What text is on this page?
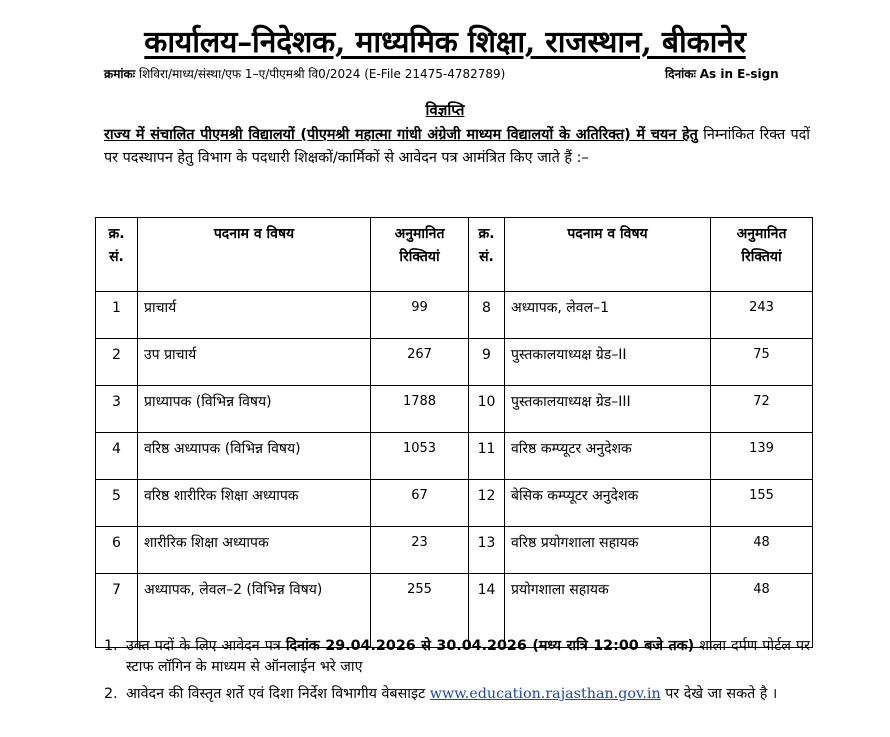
कार्यालय–निदेशक, माध्यमिक शिक्षा, राजस्थान, बीकानेर
क्रमांकः शिविरा/माध्य/संस्था/एफ 1–ए/पीएमश्री वि0/2024 (E-File 21475-4782789)	दिनांकः As in E-sign
विज्ञप्ति
राज्य में संचालित पीएमश्री विद्यालयों (पीएमश्री महात्मा गांधी अंग्रेजी माध्यम विद्यालयों के अतिरिक्त) में चयन हेतु निम्नांकित रिक्त पदों पर पदस्थापन हेतु विभाग के पदधारी शिक्षकों/कार्मिकों से आवेदन पत्र आमंत्रित किए जाते हैं :–
क्र. सं.	पदनाम व विषय	अनुमानित रिक्तियां	क्र. सं.	पदनाम व विषय	अनुमानित रिक्तियां
1	प्राचार्य	99	8	अध्यापक, लेवल–1	243
2	उप प्राचार्य	267	9	पुस्तकालयाध्यक्ष ग्रेड–II	75
3	प्राध्यापक (विभिन्न विषय)	1788	10	पुस्तकालयाध्यक्ष ग्रेड–III	72
4	वरिष्ठ अध्यापक (विभिन्न विषय)	1053	11	वरिष्ठ कम्प्यूटर अनुदेशक	139
5	वरिष्ठ शारीरिक शिक्षा अध्यापक	67	12	बेसिक कम्प्यूटर अनुदेशक	155
6	शारीरिक शिक्षा अध्यापक	23	13	वरिष्ठ प्रयोगशाला सहायक	48
7	अध्यापक, लेवल–2 (विभिन्न विषय)	255	14	प्रयोगशाला सहायक	48
1. उक्त पदों के लिए आवेदन पत्र दिनांक 29.04.2026 से 30.04.2026 (मध्य रात्रि 12:00 बजे तक) शाला दर्पण पोर्टल पर स्टाफ लॉगिन के माध्यम से ऑनलाईन भरे जाए
2. आवेदन की विस्तृत शर्ते एवं दिशा निर्देश विभागीय वेबसाइट www.education.rajasthan.gov.in पर देखे जा सकते है ।
